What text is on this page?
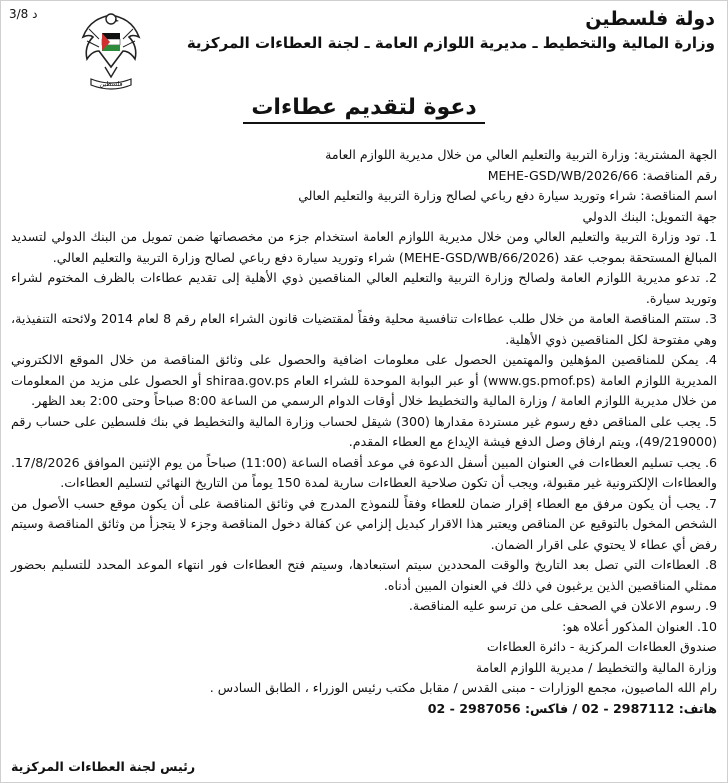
3/8 د
فلسطين
دولة فلسطين
وزارة المالية والتخطيط ـ مديرية اللوازم العامة ـ لجنة العطاءات المركزية
دعوة لتقديم عطاءات

الجهة المشترية: وزارة التربية والتعليم العالي من خلال مديرية اللوازم العامة

رقم المناقصة: MEHE-GSD/WB/2026/66

اسم المناقصة: شراء وتوريد سيارة دفع رباعي لصالح وزارة التربية والتعليم العالي

جهة التمويل: البنك الدولي

1. تود وزارة التربية والتعليم العالي ومن خلال مديرية اللوازم العامة استخدام جزء من مخصصاتها ضمن تمويل من البنك الدولي لتسديد المبالغ المستحقة بموجب عقد (MEHE-GSD/WB/66/2026) شراء وتوريد سيارة دفع رباعي لصالح وزارة التربية والتعليم العالي.

2. تدعو مديرية اللوازم العامة ولصالح وزارة التربية والتعليم العالي المناقصين ذوي الأهلية إلى تقديم عطاءات بالظرف المختوم لشراء وتوريد سيارة.

3. ستتم المناقصة العامة من خلال طلب عطاءات تنافسية محلية وفقاً لمقتضيات قانون الشراء العام رقم 8 لعام 2014 ولائحته التنفيذية، وهي مفتوحة لكل المناقصين ذوي الأهلية.

4. يمكن للمناقصين المؤهلين والمهتمين الحصول على معلومات اضافية والحصول على وثائق المناقصة من خلال الموقع الالكتروني المديرية اللوازم العامة (www.gs.pmof.ps) أو عبر البوابة الموحدة للشراء العام shiraa.gov.ps أو الحصول على مزيد من المعلومات من خلال مديرية اللوازم العامة / وزارة المالية والتخطيط خلال أوقات الدوام الرسمي من الساعة 8:00 صباحاً وحتى 2:00 بعد الظهر.

5. يجب على المناقص دفع رسوم غير مستردة مقدارها (300) شيقل لحساب وزارة المالية والتخطيط في بنك فلسطين على حساب رقم (49/219000)، ويتم ارفاق وصل الدفع فيشة الإيداع مع العطاء المقدم.

6. يجب تسليم العطاءات في العنوان المبين أسفل الدعوة في موعد أقصاه الساعة (11:00) صباحاً من يوم الإثنين الموافق 17/8/2026. والعطاءات الإلكترونية غير مقبولة، ويجب أن تكون صلاحية العطاءات سارية لمدة 150 يوماً من التاريخ النهائي لتسليم العطاءات.

7. يجب أن يكون مرفق مع العطاء إقرار ضمان للعطاء وفقاً للنموذج المدرج في وثائق المناقصة على أن يكون موقع حسب الأصول من الشخص المخول بالتوقيع عن المناقص ويعتبر هذا الاقرار كبديل إلزامي عن كفالة دخول المناقصة وجزء لا يتجزأ من وثائق المناقصة وسيتم رفض أي عطاء لا يحتوي على اقرار الضمان.

8. العطاءات التي تصل بعد التاريخ والوقت المحددين سيتم استبعادها، وسيتم فتح العطاءات فور انتهاء الموعد المحدد للتسليم بحضور ممثلي المناقصين الذين يرغبون في ذلك في العنوان المبين أدناه.

9. رسوم الاعلان في الصحف على من ترسو عليه المناقصة.

10. العنوان المذكور أعلاه هو:

صندوق العطاءات المركزية - دائرة العطاءات

وزارة المالية والتخطيط / مديرية اللوازم العامة

رام الله الماصيون، مجمع الوزارات - مبنى القدس / مقابل مكتب رئيس الوزراء ، الطابق السادس .

هاتف: 2987112 - 02 / فاكس: 2987056 - 02

رئيس لجنة العطاءات المركزية
